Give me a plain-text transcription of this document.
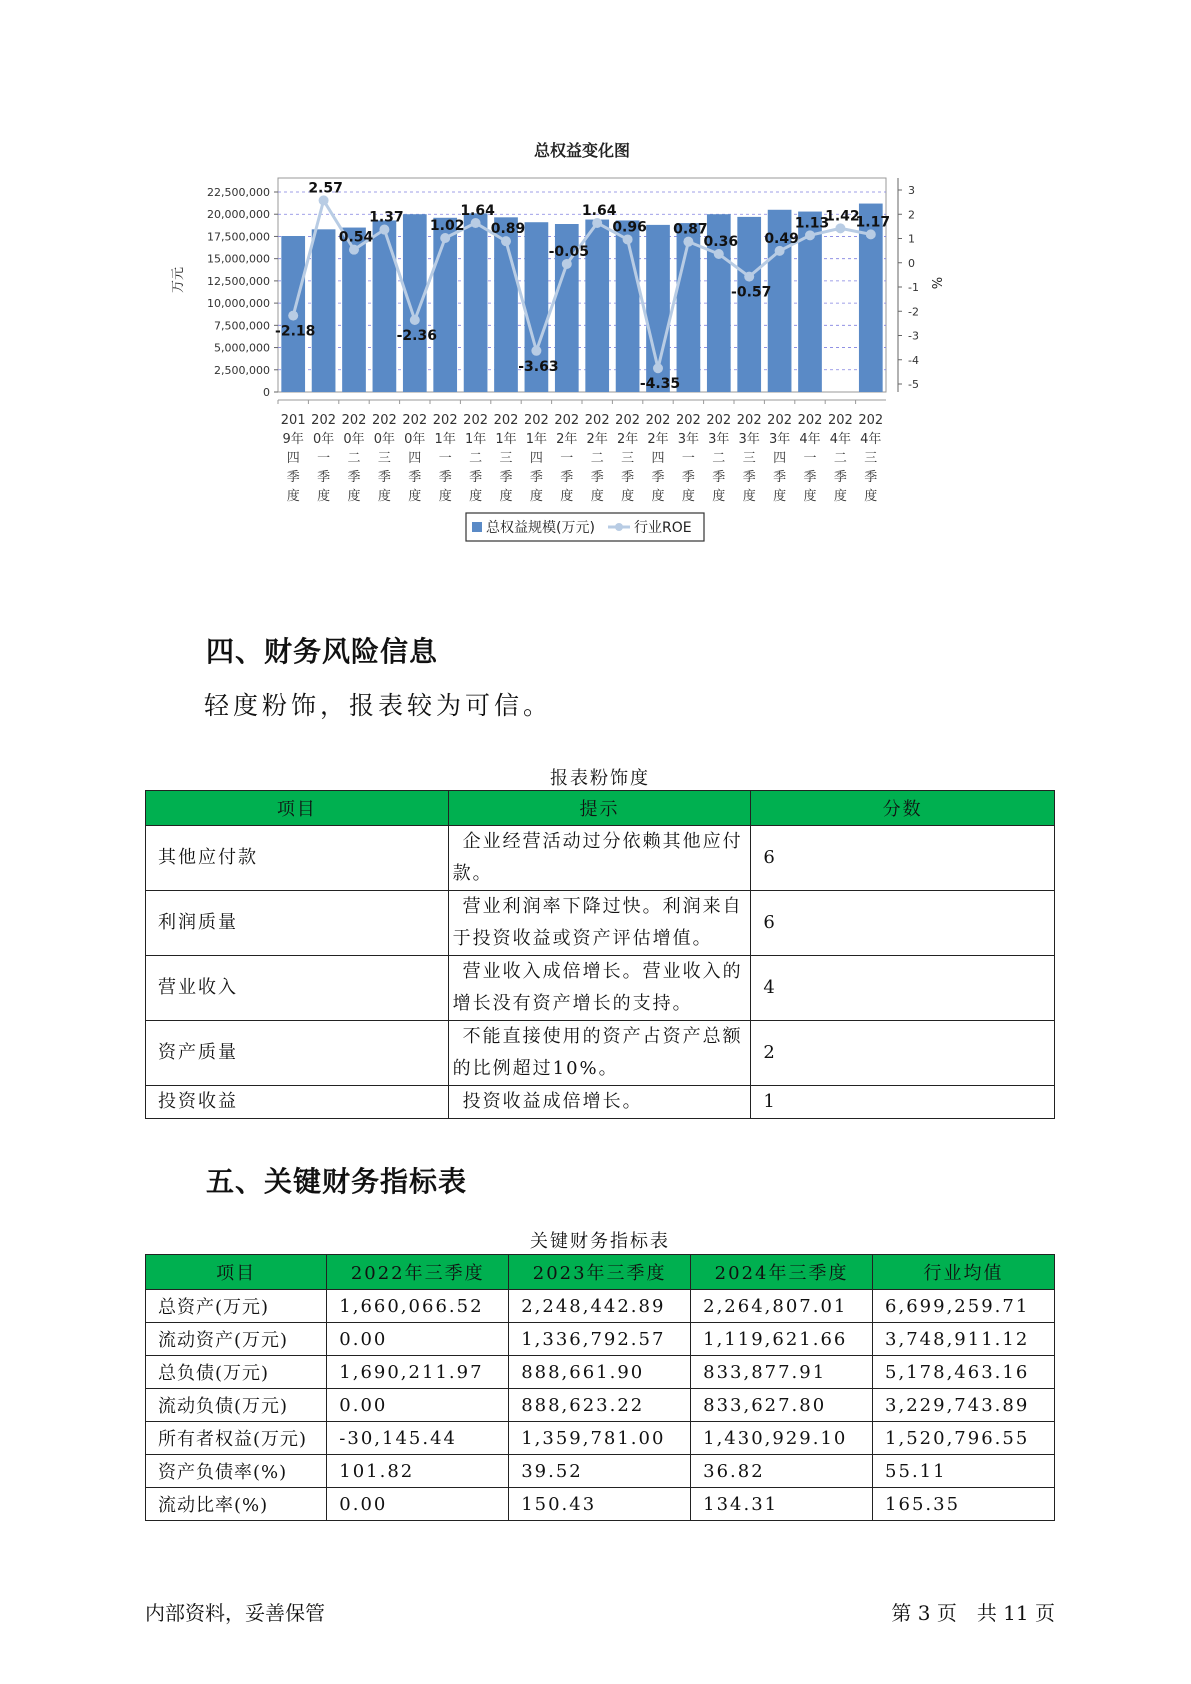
总权益变化图
0
2,500,000
5,000,000
7,500,000
10,000,000
12,500,000
15,000,000
17,500,000
20,000,000
22,500,000	3
2
1
0
-1
-2
-3
-4
-5
万元	%
201
9年
四
季
度
202
0年
一
季
度
202
0年
二
季
度
202
0年
三
季
度
202
0年
四
季
度
202
1年
一
季
度
202
1年
二
季
度
202
1年
三
季
度
202
1年
四
季
度
202
2年
一
季
度
202
2年
二
季
度
202
2年
三
季
度
202
2年
四
季
度
202
3年
一
季
度
202
3年
二
季
度
202
3年
三
季
度
202
3年
四
季
度
202
4年
一
季
度
202
4年
二
季
度
202
4年
三
季
度
-2.18
2.57
0.54
1.37
-2.36
1.02
1.64
0.89
-3.63
-0.05
1.64
0.96
-4.35
0.87
0.36
-0.57
0.49
1.13
1.42
1.17
总权益规模(万元)	行业ROE
四、财务风险信息

轻度粉饰，报表较为可信。

报表粉饰度
项目	提示	分数
其他应付款	企业经营活动过分依赖其他应付款。	6
利润质量	营业利润率下降过快。利润来自于投资收益或资产评估增值。	6
营业收入	营业收入成倍增长。营业收入的增长没有资产增长的支持。	4
资产质量	不能直接使用的资产占资产总额的比例超过10%。	2
投资收益	投资收益成倍增长。	1
五、关键财务指标表
关键财务指标表
项目	2022年三季度	2023年三季度	2024年三季度	行业均值
总资产(万元)	1,660,066.52	2,248,442.89	2,264,807.01	6,699,259.71
流动资产(万元)	0.00	1,336,792.57	1,119,621.66	3,748,911.12
总负债(万元)	1,690,211.97	888,661.90	833,877.91	5,178,463.16
流动负债(万元)	0.00	888,623.22	833,627.80	3,229,743.89
所有者权益(万元)	-30,145.44	1,359,781.00	1,430,929.10	1,520,796.55
资产负债率(%)	101.82	39.52	36.82	55.11
流动比率(%)	0.00	150.43	134.31	165.35
内部资料，妥善保管	第 3 页　共 11 页
